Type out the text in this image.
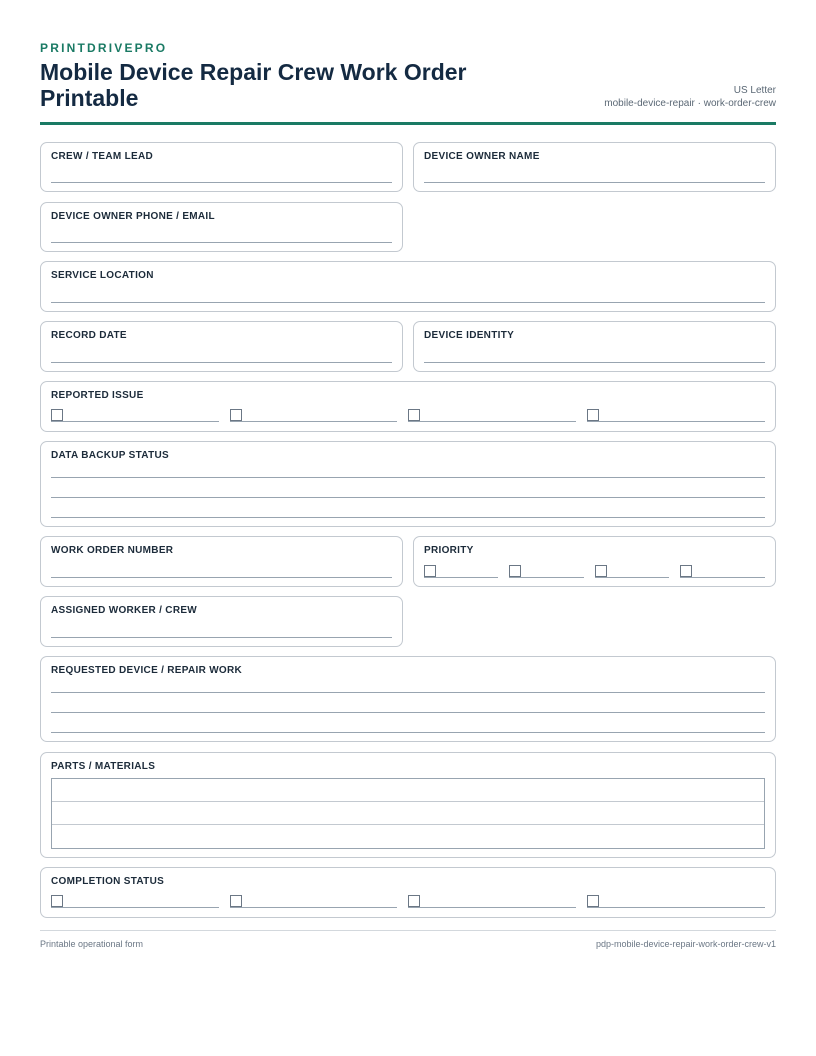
PRINTDRIVEPRO
Mobile Device Repair Crew Work Order Printable	US Letter
mobile-device-repair · work-order-crew
CREW / TEAM LEAD	DEVICE OWNER NAME
DEVICE OWNER PHONE / EMAIL
SERVICE LOCATION
RECORD DATE	DEVICE IDENTITY
REPORTED ISSUE
DATA BACKUP STATUS
WORK ORDER NUMBER	PRIORITY
ASSIGNED WORKER / CREW
REQUESTED DEVICE / REPAIR WORK
PARTS / MATERIALS
COMPLETION STATUS
Printable operational form	pdp-mobile-device-repair-work-order-crew-v1
